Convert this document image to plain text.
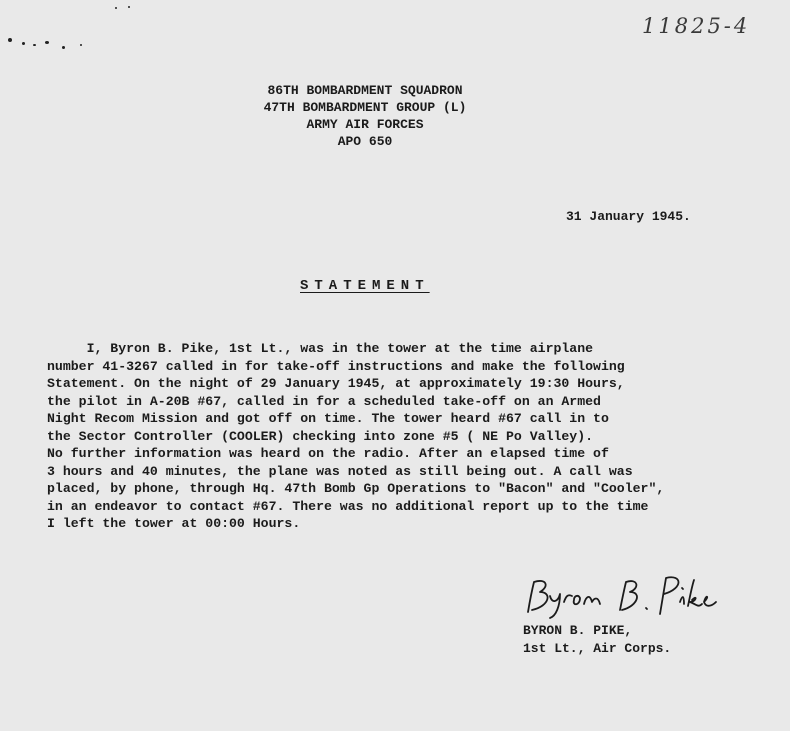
11825-4
86TH BOMBARDMENT SQUADRON
47TH BOMBARDMENT GROUP (L)
ARMY AIR FORCES
APO 650
31 January 1945.
STATEMENT
I, Byron B. Pike, 1st Lt., was in the tower at the time airplane
number 41-3267 called in for take-off instructions and make the following
Statement. On the night of 29 January 1945, at approximately 19:30 Hours,
the pilot in A-20B #67, called in for a scheduled take-off on an Armed
Night Recom Mission and got off on time. The tower heard #67 call in to
the Sector Controller (COOLER) checking into zone #5 ( NE Po Valley).
No further information was heard on the radio. After an elapsed time of
3 hours and 40 minutes, the plane was noted as still being out. A call was
placed, by phone, through Hq. 47th Bomb Gp Operations to "Bacon" and "Cooler",
in an endeavor to contact #67. There was no additional report up to the time
I left the tower at 00:00 Hours.
BYRON B. PIKE,
1st Lt., Air Corps.
